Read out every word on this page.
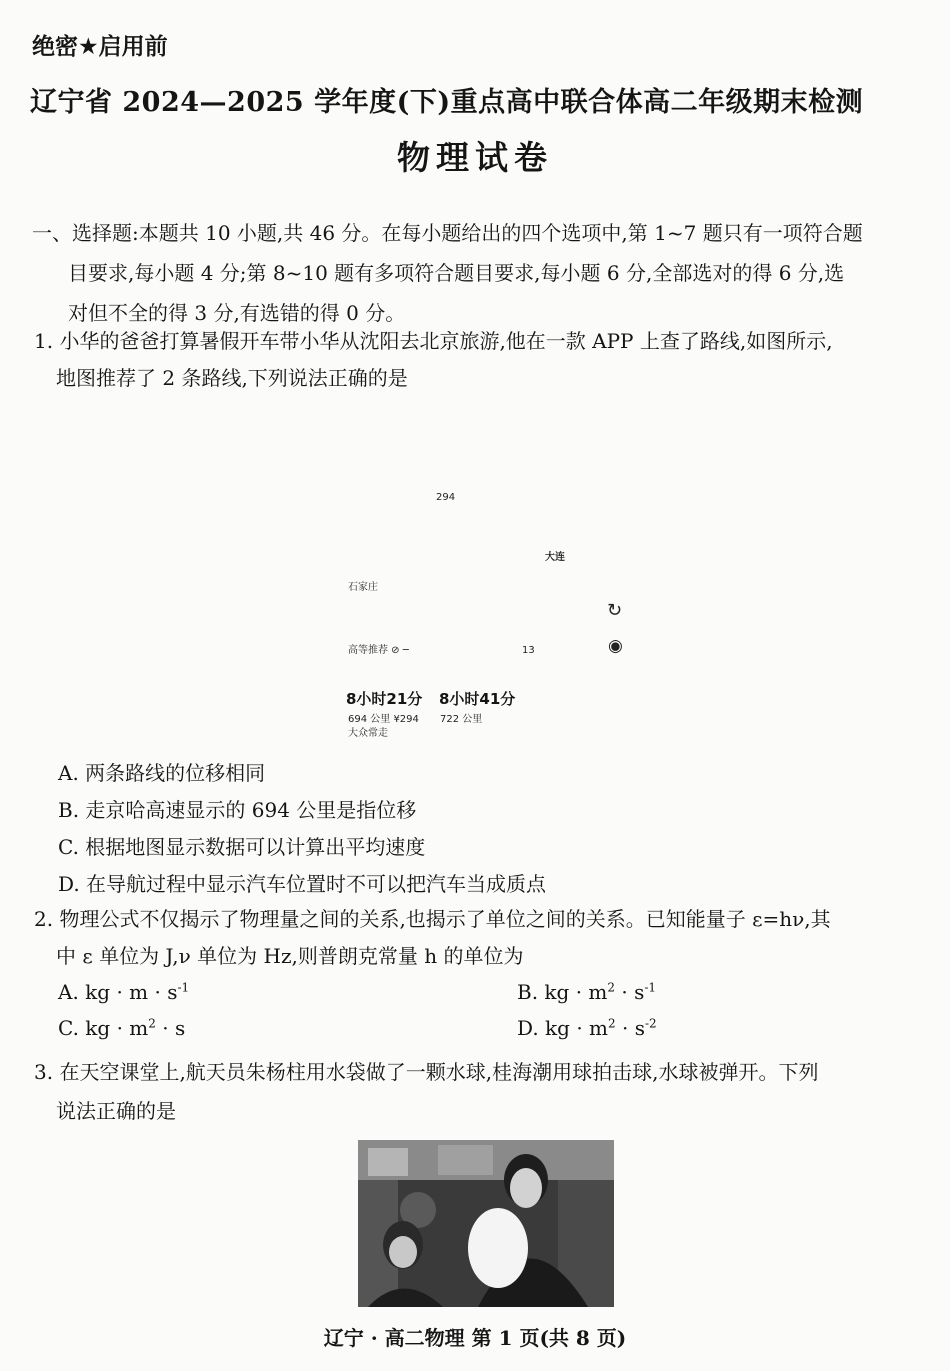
绝密★启用前
辽宁省 2024—2025 学年度(下)重点高中联合体高二年级期末检测
物理试卷
一、选择题:本题共 10 小题,共 46 分。在每小题给出的四个选项中,第 1~7 题只有一项符合题

目要求,每小题 4 分;第 8~10 题有多项符合题目要求,每小题 6 分,全部选对的得 6 分,选
对但不全的得 3 分,有选错的得 0 分。
1. 小华的爸爸打算暑假开车带小华从沈阳去北京旅游,他在一款 APP 上查了路线,如图所示,
地图推荐了 2 条路线,下列说法正确的是
294
大连
石家庄
↻
高等推荐 ⊘ ─	13	◉
8小时21分 8小时41分
694 公里 ¥294 722 公里
大众常走
A. 两条路线的位移相同
B. 走京哈高速显示的 694 公里是指位移
C. 根据地图显示数据可以计算出平均速度
D. 在导航过程中显示汽车位置时不可以把汽车当成质点
2. 物理公式不仅揭示了物理量之间的关系,也揭示了单位之间的关系。已知能量子 ε=hν,其
中 ε 单位为 J,ν 单位为 Hz,则普朗克常量 h 的单位为
A. kg · $m \cdot s^{-1}$	B. kg · $m^2 \cdot s^{-1}$
C. kg · $m^2 \cdot s$	D. kg · $m^2 \cdot s^{-2}$
3. 在天空课堂上,航天员朱杨柱用水袋做了一颗水球,桂海潮用球拍击球,水球被弹开。下列
说法正确的是
辽宁 · 高二物理 第 1 页(共 8 页)
